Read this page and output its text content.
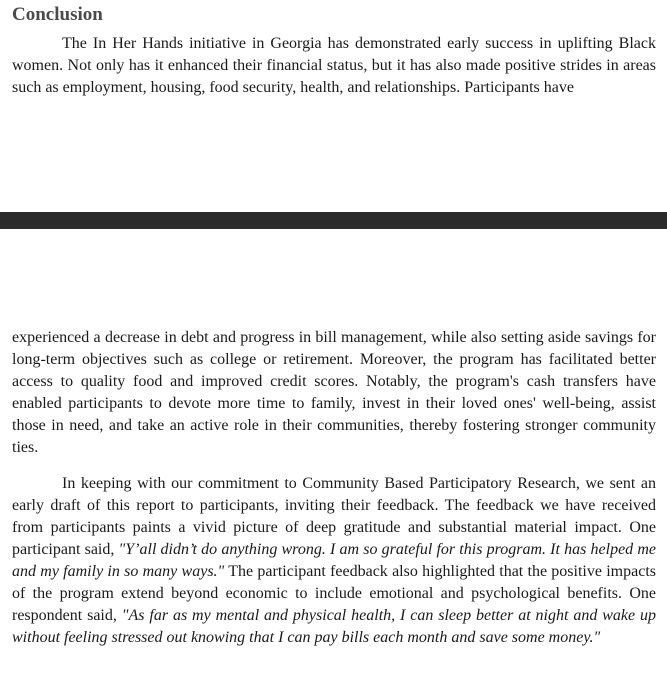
Conclusion

The In Her Hands initiative in Georgia has demonstrated early success in uplifting Black women. Not only has it enhanced their financial status, but it has also made positive strides in areas such as employment, housing, food security, health, and relationships. Participants have

experienced a decrease in debt and progress in bill management, while also setting aside savings for long-term objectives such as college or retirement. Moreover, the program has facilitated better access to quality food and improved credit scores. Notably, the program's cash transfers have enabled participants to devote more time to family, invest in their loved ones' well-being, assist those in need, and take an active role in their communities, thereby fostering stronger community ties.

In keeping with our commitment to Community Based Participatory Research, we sent an early draft of this report to participants, inviting their feedback. The feedback we have received from participants paints a vivid picture of deep gratitude and substantial material impact. One participant said, "Y’all didn’t do anything wrong. I am so grateful for this program. It has helped me and my family in so many ways." The participant feedback also highlighted that the positive impacts of the program extend beyond economic to include emotional and psychological benefits. One respondent said, "As far as my mental and physical health, I can sleep better at night and wake up without feeling stressed out knowing that I can pay bills each month and save some money."
